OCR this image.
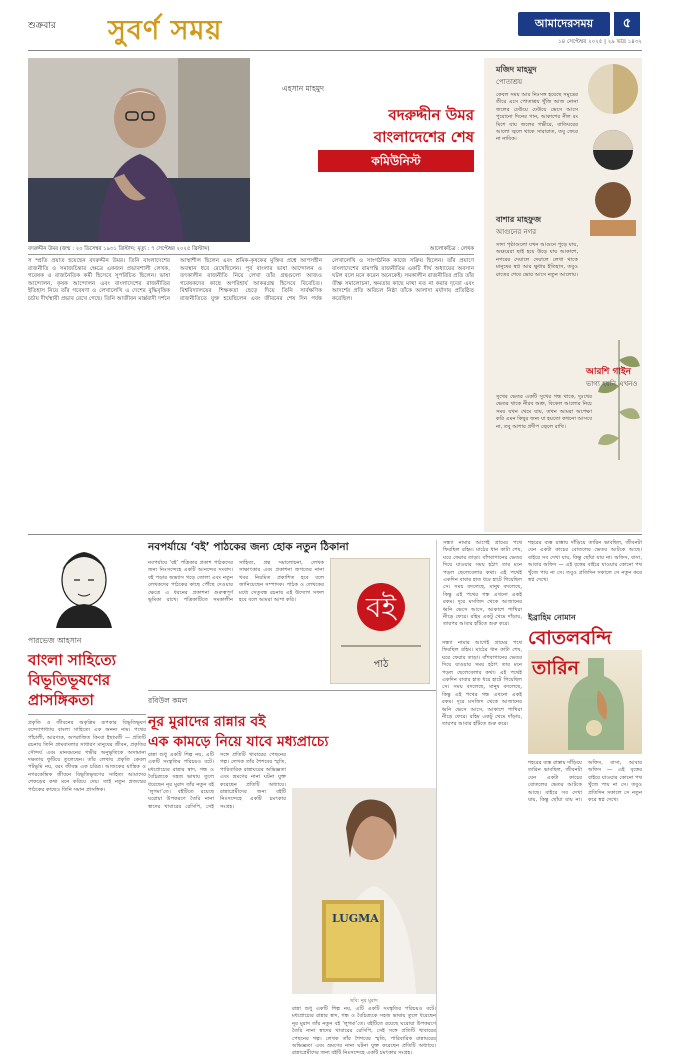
শুক্রবার সুবর্ণ সময়	আমাদেরসময়	৫
১৪ সেপ্টেম্বর ২০২৫ | ২৯ ভাদ্র ১৪৩২
এহসান মাহমুদ
বদরুদ্দীন উমর
বাংলাদেশের শেষ
কমিউনিস্ট
বদরুদ্দীন উমর (জন্ম : ২০ ডিসেম্বর ১৯৩১ খ্রিস্টাব্দ; মৃত্যু : ৭ সেপ্টেম্বর ২০২৫ খ্রিস্টাব্দ)	আলোকচিত্র : লেখক
স ম্প্রতি প্রয়াত হয়েছেন বদরুদ্দীন উমর। তিনি বাংলাদেশের রাজনীতি ও সমাজচিন্তার ক্ষেত্রে একজন প্রভাবশালী লেখক, গবেষক ও রাজনৈতিক কর্মী হিসেবে সুপরিচিত ছিলেন। ভাষা আন্দোলন, কৃষক আন্দোলন এবং বাংলাদেশের রাজনীতির ইতিহাস নিয়ে তাঁর গবেষণা ও লেখালেখি এ দেশের বুদ্ধিবৃত্তিক চর্চায় দীর্ঘস্থায়ী প্রভাব রেখে গেছে। তিনি আজীবন মার্ক্সবাদী দর্শনে আস্থাশীল ছিলেন এবং শ্রমিক-কৃষকের মুক্তির প্রশ্নে আপসহীন অবস্থান ধরে রেখেছিলেন। পূর্ব বাংলার ভাষা আন্দোলন ও তৎকালীন রাজনীতি নিয়ে লেখা তাঁর গ্রন্থগুলো আজও গবেষকদের কাছে অপরিহার্য আকরগ্রন্থ হিসেবে বিবেচিত। বিশ্ববিদ্যালয়ের শিক্ষকতা ছেড়ে দিয়ে তিনি সার্বক্ষণিক রাজনীতিতে যুক্ত হয়েছিলেন এবং জীবনের শেষ দিন পর্যন্ত লেখালেখি ও সাংগঠনিক কাজে সক্রিয় ছিলেন। তাঁর প্রয়াণে বাংলাদেশের বামপন্থি রাজনীতির একটি দীর্ঘ অধ্যায়ের অবসান ঘটল বলে মনে করেন অনেকেই। সমকালীন রাজনীতির প্রতি তাঁর তীক্ষ্ণ সমালোচনা, ক্ষমতার কাছে মাথা নত না করার দৃঢ়তা এবং আদর্শের প্রতি অবিচল নিষ্ঠা তাঁকে আলাদা মর্যাদায় প্রতিষ্ঠিত করেছিল।
মজিদ মাহমুদ
পোতাশ্রয়
কেবল সময় আর নিঃসঙ্গ হয়েছে সমুদ্রের তীরে এসে পোতাশ্রয় খুঁজি আজ নোনা জলের ঢেউয়ে ঢেউয়ে ভেসে আসে পুরোনো দিনের গান, আকাশের নীল রং মিশে যায় জলের গভীরে, বাতিঘরের আলো জ্বলে থাকে সারারাত, তবু ফেরে না নাবিক।
বাশার মাহফুজ
আগুনের নগর
সাদা পৃষ্ঠাগুলো যখন আগুনে পুড়ে যায়, অক্ষরেরা ছাই হয়ে উড়ে যায় আকাশে, নগরের দেয়ালে দেয়ালে লেখা থাকে মানুষের স্বপ্ন আর ক্ষুধার ইতিহাস, তবুও রাতের শেষে ভোর আসে নতুন আলোয়।
আরশি গাইন
ভাগ্য হয়নি এখনও
সুখের ভেতর একটি সুখের গন্ধ থাকে, দুঃখের ভেতর থাকে নীরব অশ্রু, বিকেল আলোর নিচে সময় যখন থেমে যায়, তখন আমরা অপেক্ষা করি এমন কিছুর জন্য যা হয়তো কখনো আসবে না, তবু আশার প্রদীপ জ্বেলে রাখি।
নবপর্যায়ে ‘বই’ পাঠকের জন্য হোক নতুন ঠিকানা
নবপর্যায়ে ‘বই’ পত্রিকার প্রকাশ পাঠকদের জন্য নিঃসন্দেহে একটি আনন্দের সংবাদ। বই পড়ার অভ্যাস গড়ে তোলা এবং নতুন লেখকদের পাঠকের কাছে পৌঁছে দেওয়ার ক্ষেত্রে এ ধরনের প্রকাশনা গুরুত্বপূর্ণ ভূমিকা রাখে। পত্রিকাটিতে সমকালীন সাহিত্য, গ্রন্থ সমালোচনা, লেখক সাক্ষাৎকার এবং প্রকাশনা জগতের নানা খবর নিয়মিত প্রকাশিত হবে বলে জানিয়েছেন সম্পাদক। পাঠক ও লেখকের মধ্যে সেতুবন্ধ রচনায় এই উদ্যোগ সফল হবে বলে আমরা আশা করি।	বই
পাঠ
পারভেজ আহসান
বাংলা সাহিত্যে বিভূতিভূষণের প্রাসঙ্গিকতা
প্রকৃতি ও জীবনের অকৃত্রিম রূপকার বিভূতিভূষণ বন্দ্যোপাধ্যায় বাংলা সাহিত্যে এক অনন্য নাম। পথের পাঁচালী, আরণ্যক, অপরাজিত কিংবা ইছামতী — প্রতিটি রচনায় তিনি গ্রামবাংলার সাধারণ মানুষের জীবন, প্রকৃতির সৌন্দর্য এবং মানবমনের গভীর অনুভূতিকে অসামান্য দক্ষতায় ফুটিয়ে তুলেছেন। তাঁর লেখায় প্রকৃতি কেবল পটভূমি নয়, বরং জীবন্ত এক চরিত্র। আজকের যান্ত্রিক ও নগরকেন্দ্রিক জীবনে বিভূতিভূষণের সাহিত্য আমাদের শেকড়ের কথা মনে করিয়ে দেয়। তাই নতুন প্রজন্মের পাঠকের কাছেও তিনি সমান প্রাসঙ্গিক।
রবিউল কমল
নূর মুরাদের রান্নার বই
এক কামড়ে নিয়ে যাবে মধ্যপ্রাচ্যে
রান্না শুধু একটি শিল্প নয়, এটি একটি সংস্কৃতির পরিচয়ও বটে। মধ্যপ্রাচ্যের রান্নার স্বাদ, গন্ধ ও বৈচিত্র্যকে সহজ ভাষায় তুলে ধরেছেন নূর মুরাদ তাঁর নতুন বই ‘লুগমা’তে। বইটিতে রয়েছে ঘরোয়া উপকরণে তৈরি নানা স্বাদের খাবারের রেসিপি, সেই সঙ্গে প্রতিটি খাবারের পেছনের গল্প। লেখক তাঁর শৈশবের স্মৃতি, পারিবারিক রান্নাঘরের অভিজ্ঞতা এবং ভ্রমণের নানা ঘটনা যুক্ত করেছেন প্রতিটি অধ্যায়ে। রান্নাপ্রেমীদের জন্য বইটি নিঃসন্দেহে একটি চমৎকার সংগ্রহ।
LUGMA
ছবি: নূর মুরাদ
রান্না শুধু একটি শিল্প নয়, এটি একটি সংস্কৃতির পরিচয়ও বটে। মধ্যপ্রাচ্যের রান্নার স্বাদ, গন্ধ ও বৈচিত্র্যকে সহজ ভাষায় তুলে ধরেছেন নূর মুরাদ তাঁর নতুন বই ‘লুগমা’তে। বইটিতে রয়েছে ঘরোয়া উপকরণে তৈরি নানা স্বাদের খাবারের রেসিপি, সেই সঙ্গে প্রতিটি খাবারের পেছনের গল্প। লেখক তাঁর শৈশবের স্মৃতি, পারিবারিক রান্নাঘরের অভিজ্ঞতা এবং ভ্রমণের নানা ঘটনা যুক্ত করেছেন প্রতিটি অধ্যায়ে। রান্নাপ্রেমীদের জন্য বইটি নিঃসন্দেহে একটি চমৎকার সংগ্রহ।
সন্ধ্যা নামার আগেই গ্রামের পথে ফিরছিল রহিম। মাঠের ধান কাটা শেষ, ঘরে ফেরার তাড়া। বাঁশবাগানের ভেতর দিয়ে যাওয়ার সময় হঠাৎ তার মনে পড়ল ছেলেবেলার কথা। এই পথেই একদিন বাবার হাত ধরে হাটে গিয়েছিল সে। সময় বদলেছে, মানুষ বদলেছে, কিন্তু এই পথের গন্ধ এখনো একই রকম। দূরে মসজিদ থেকে আজানের ধ্বনি ভেসে আসে, আকাশে পাখিরা নীড়ে ফেরে। রহিম একটু থেমে দাঁড়ায়, তারপর আবার হাঁটতে শুরু করে।
সন্ধ্যা নামার আগেই গ্রামের পথে ফিরছিল রহিম। মাঠের ধান কাটা শেষ, ঘরে ফেরার তাড়া। বাঁশবাগানের ভেতর দিয়ে যাওয়ার সময় হঠাৎ তার মনে পড়ল ছেলেবেলার কথা। এই পথেই একদিন বাবার হাত ধরে হাটে গিয়েছিল সে। সময় বদলেছে, মানুষ বদলেছে, কিন্তু এই পথের গন্ধ এখনো একই রকম। দূরে মসজিদ থেকে আজানের ধ্বনি ভেসে আসে, আকাশে পাখিরা নীড়ে ফেরে। রহিম একটু থেমে দাঁড়ায়, তারপর আবার হাঁটতে শুরু করে।
শহরের ব্যস্ত রাস্তায় দাঁড়িয়ে তারিন ভাবছিল, জীবনটা যেন একটা কাচের বোতলের ভেতর আটকে আছে। বাইরে সব দেখা যায়, কিন্তু ছোঁয়া যায় না। অফিস, বাসা, আবার অফিস — এই বৃত্তের বাইরে যাওয়ার কোনো পথ খুঁজে পায় না সে। তবুও প্রতিদিন সকালে সে নতুন করে স্বপ্ন দেখে।
ইব্রাহিম নোমান
বোতলবন্দি
তারিন
শহরের ব্যস্ত রাস্তায় দাঁড়িয়ে তারিন ভাবছিল, জীবনটা যেন একটা কাচের বোতলের ভেতর আটকে আছে। বাইরে সব দেখা যায়, কিন্তু ছোঁয়া যায় না। অফিস, বাসা, আবার অফিস — এই বৃত্তের বাইরে যাওয়ার কোনো পথ খুঁজে পায় না সে। তবুও প্রতিদিন সকালে সে নতুন করে স্বপ্ন দেখে।
